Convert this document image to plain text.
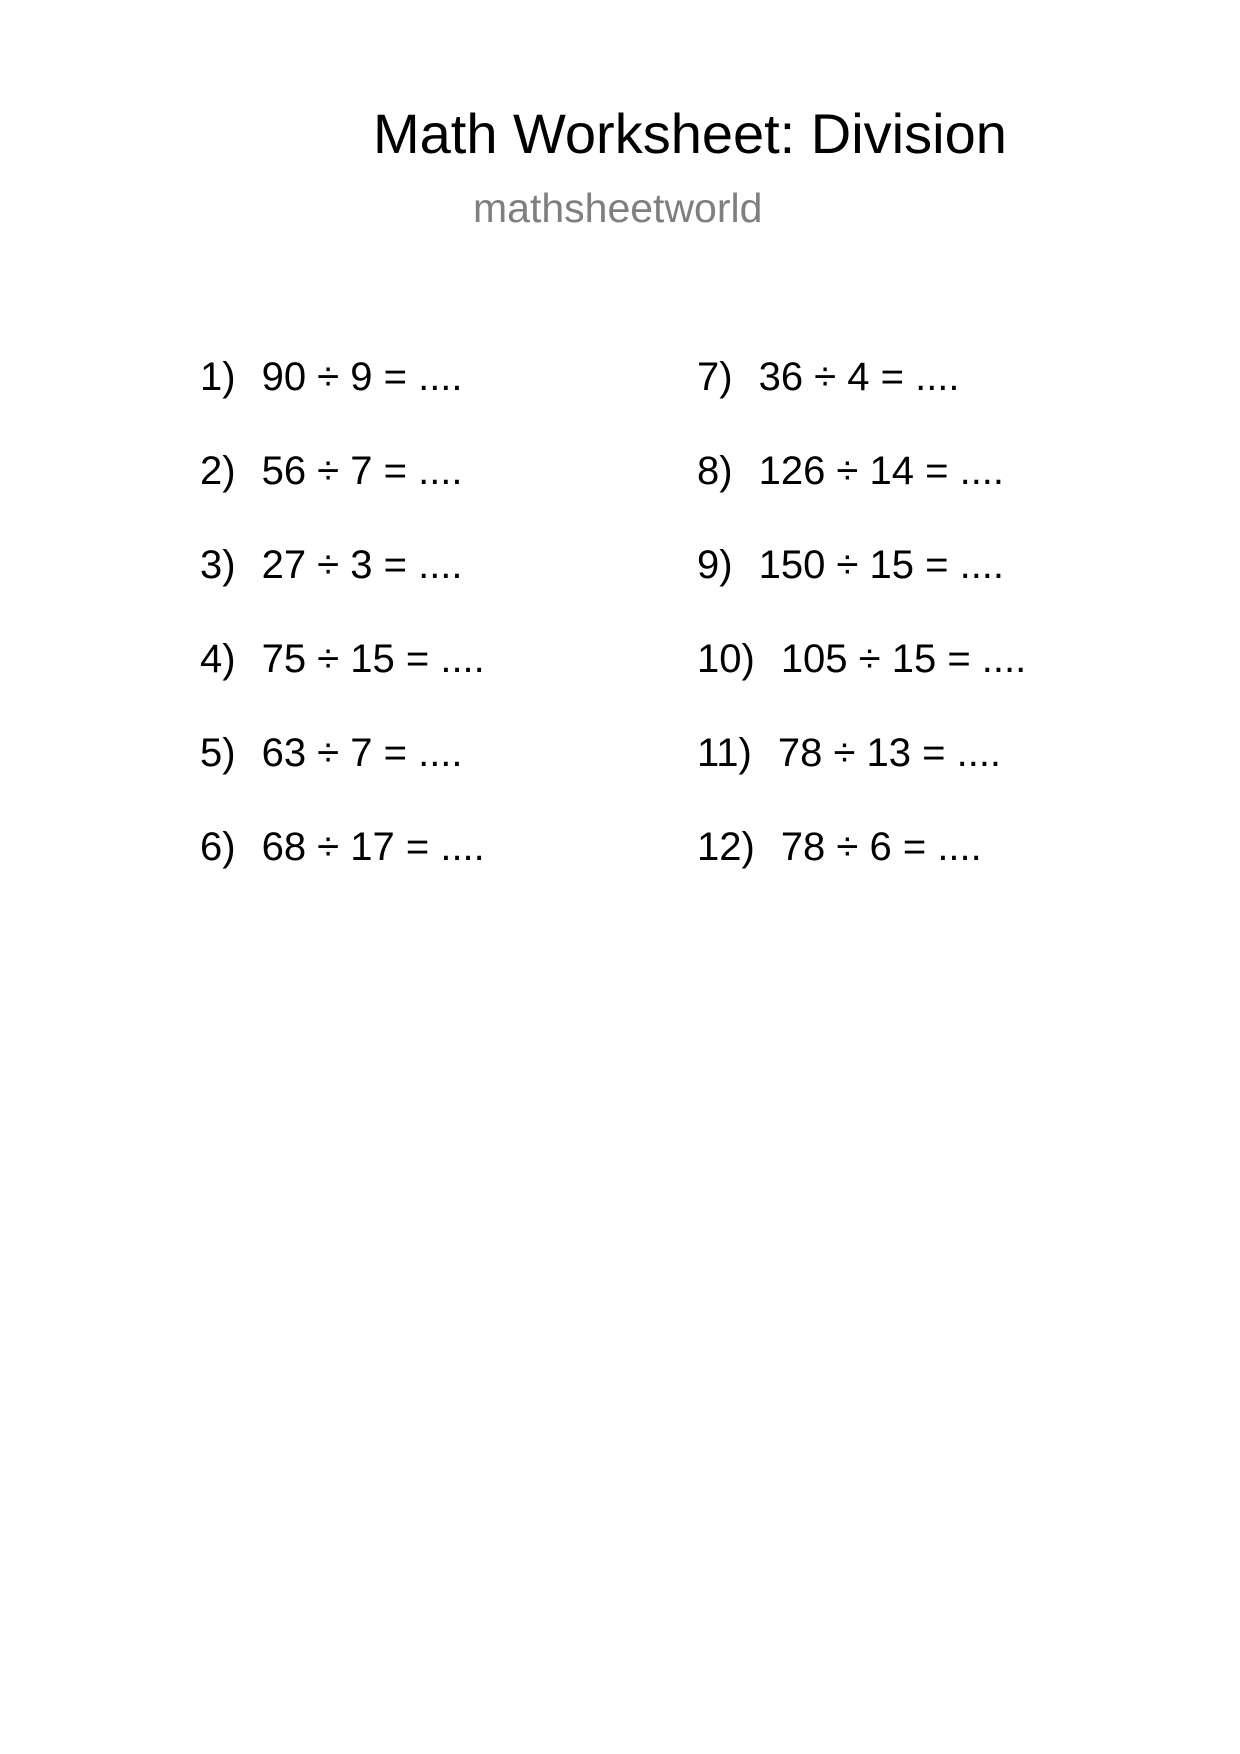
Math Worksheet: Division
mathsheetworld
1) 90 ÷ 9 = ....
2) 56 ÷ 7 = ....
3) 27 ÷ 3 = ....
4) 75 ÷ 15 = ....
5) 63 ÷ 7 = ....
6) 68 ÷ 17 = ....
7) 36 ÷ 4 = ....
8) 126 ÷ 14 = ....
9) 150 ÷ 15 = ....
10) 105 ÷ 15 = ....
11) 78 ÷ 13 = ....
12) 78 ÷ 6 = ....
